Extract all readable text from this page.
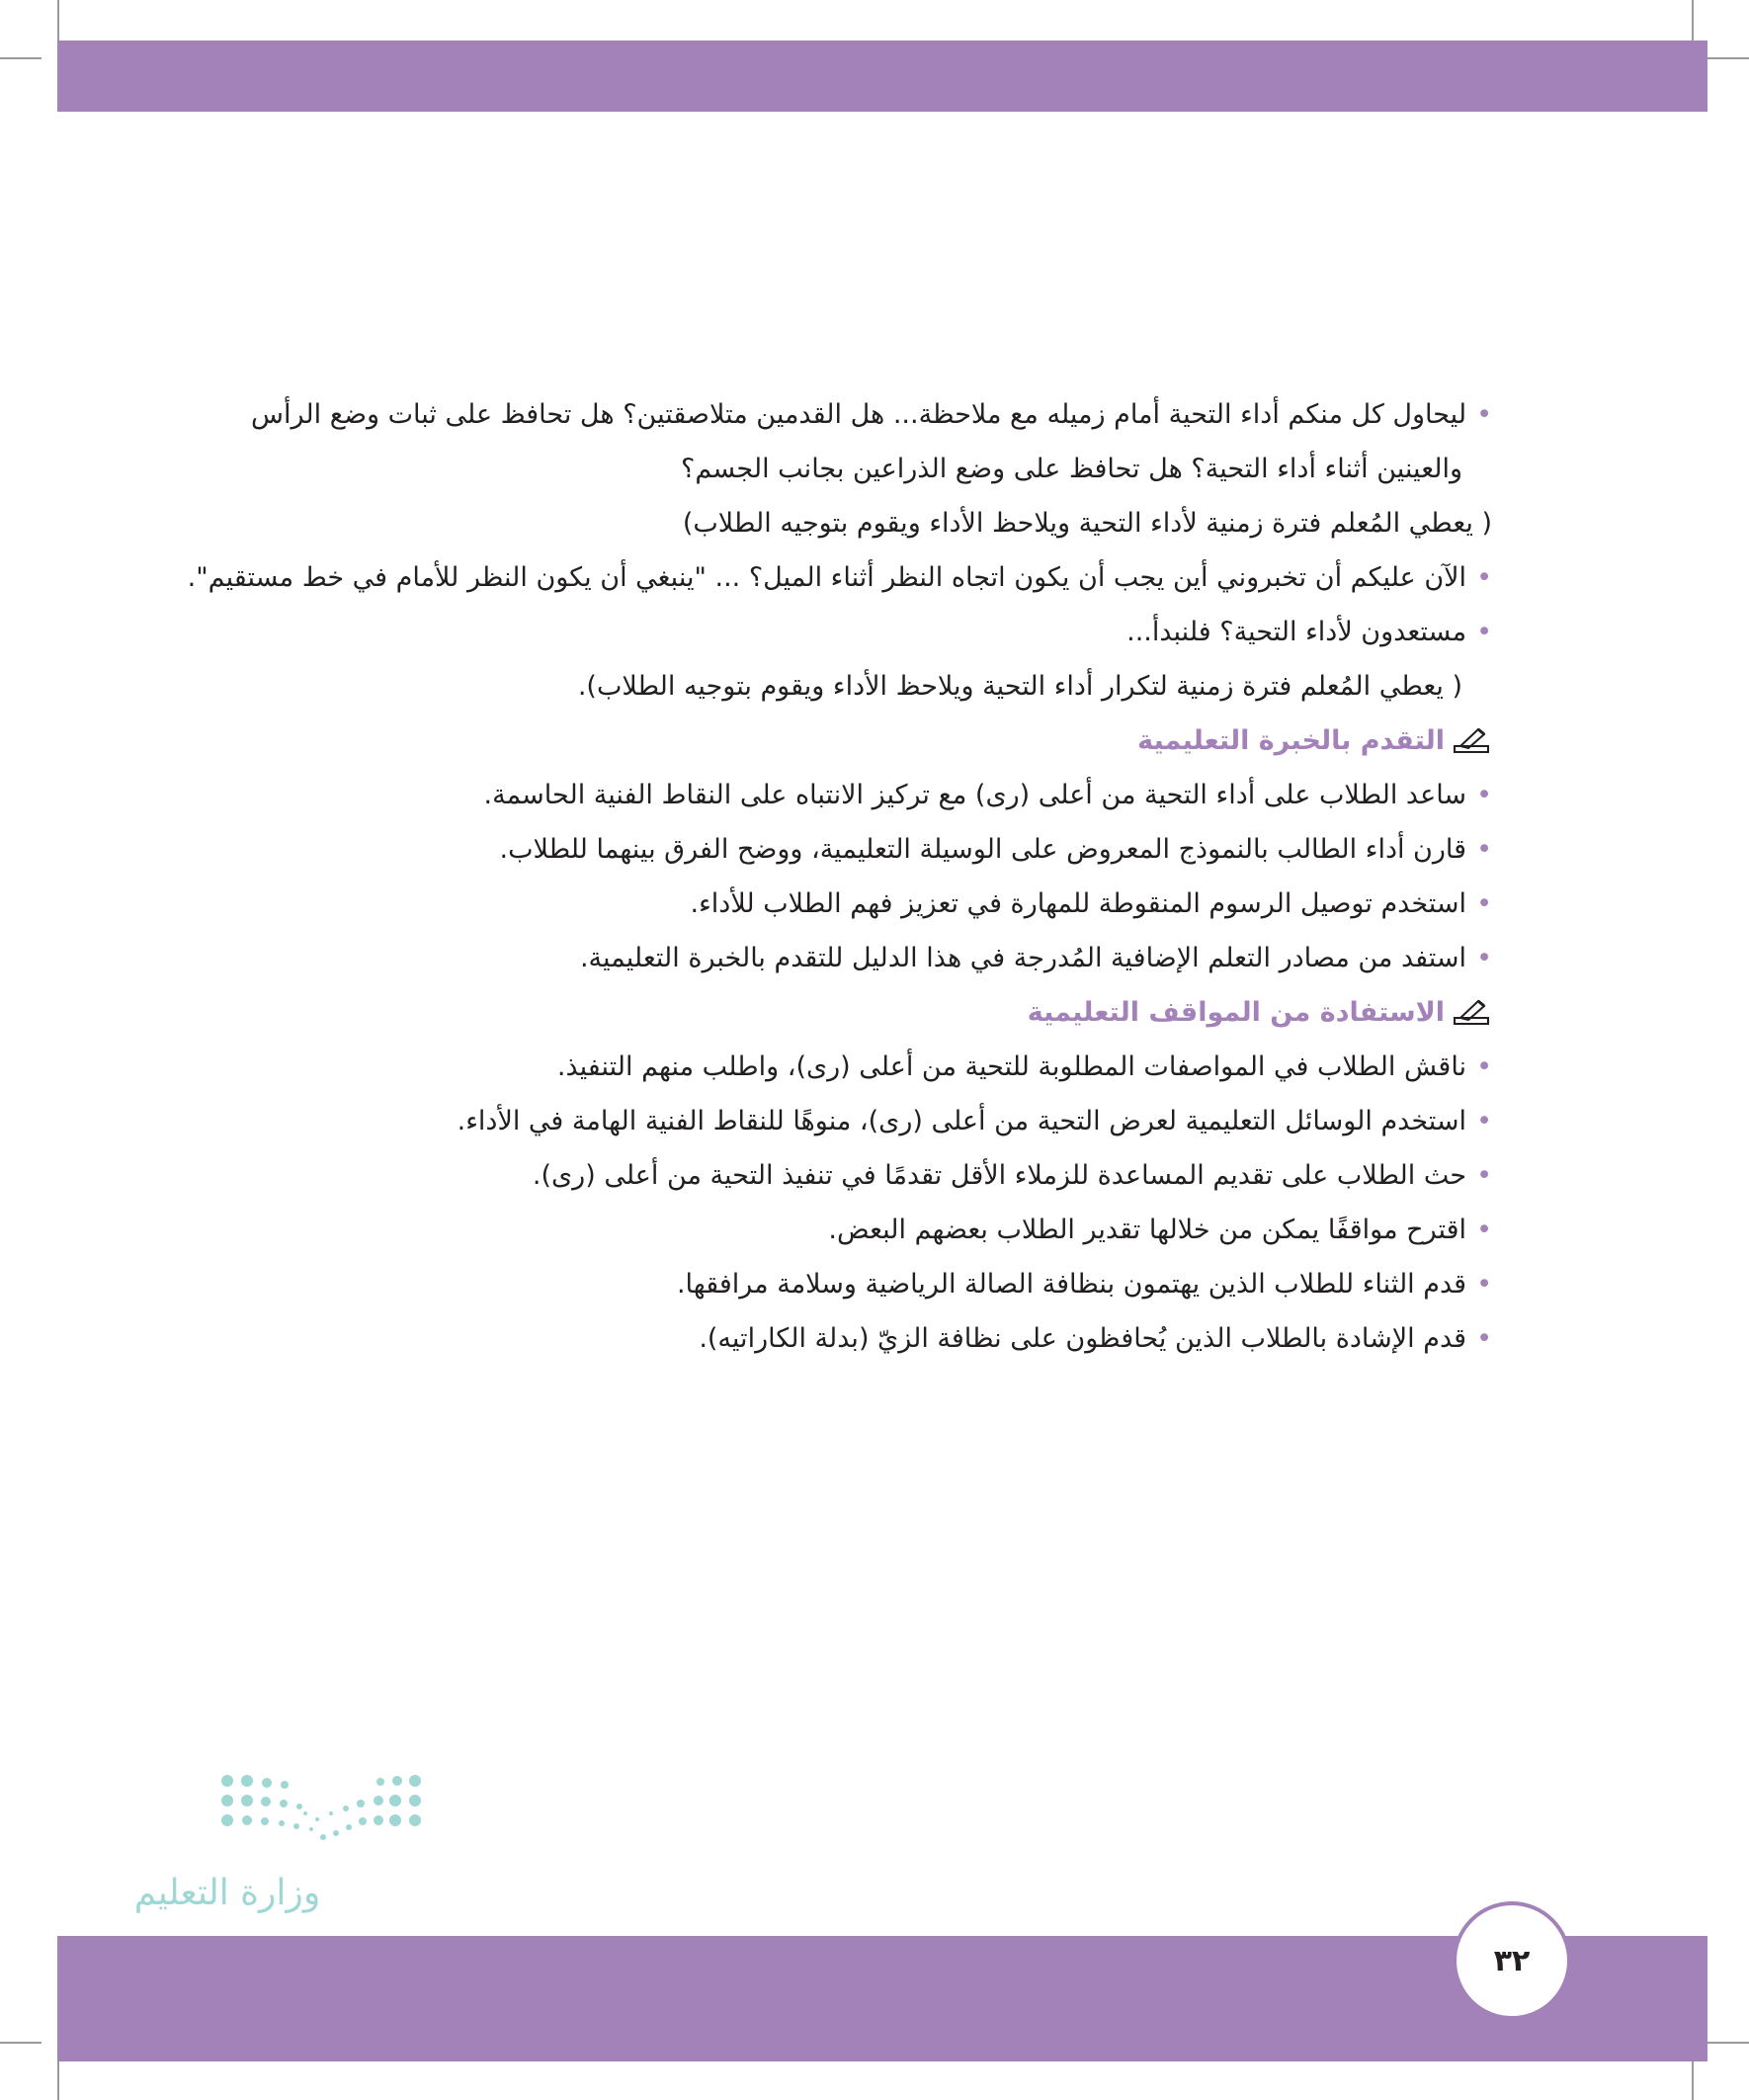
• ليحاول كل منكم أداء التحية أمام زميله مع ملاحظة... هل القدمين متلاصقتين؟ هل تحافظ على ثبات وضع الرأس

والعينين أثناء أداء التحية؟ هل تحافظ على وضع الذراعين بجانب الجسم؟

( يعطي المُعلم فترة زمنية لأداء التحية ويلاحظ الأداء ويقوم بتوجيه الطلاب)

• الآن عليكم أن تخبروني أين يجب أن يكون اتجاه النظر أثناء الميل؟ ... "ينبغي أن يكون النظر للأمام في خط مستقيم".

• مستعدون لأداء التحية؟ فلنبدأ...

( يعطي المُعلم فترة زمنية لتكرار أداء التحية ويلاحظ الأداء ويقوم بتوجيه الطلاب).

التقدم بالخبرة التعليمية

• ساعد الطلاب على أداء التحية من أعلى (رى) مع تركيز الانتباه على النقاط الفنية الحاسمة.

• قارن أداء الطالب بالنموذج المعروض على الوسيلة التعليمية، ووضح الفرق بينهما للطلاب.

• استخدم توصيل الرسوم المنقوطة للمهارة في تعزيز فهم الطلاب للأداء.

• استفد من مصادر التعلم الإضافية المُدرجة في هذا الدليل للتقدم بالخبرة التعليمية.

الاستفادة من المواقف التعليمية

• ناقش الطلاب في المواصفات المطلوبة للتحية من أعلى (رى)، واطلب منهم التنفيذ.

• استخدم الوسائل التعليمية لعرض التحية من أعلى (رى)، منوهًا للنقاط الفنية الهامة في الأداء.

• حث الطلاب على تقديم المساعدة للزملاء الأقل تقدمًا في تنفيذ التحية من أعلى (رى).

• اقترح مواقفًا يمكن من خلالها تقدير الطلاب بعضهم البعض.

• قدم الثناء للطلاب الذين يهتمون بنظافة الصالة الرياضية وسلامة مرافقها.

• قدم الإشادة بالطلاب الذين يُحافظون على نظافة الزيّ (بدلة الكاراتيه).

وزارة التعليم
٣٢
